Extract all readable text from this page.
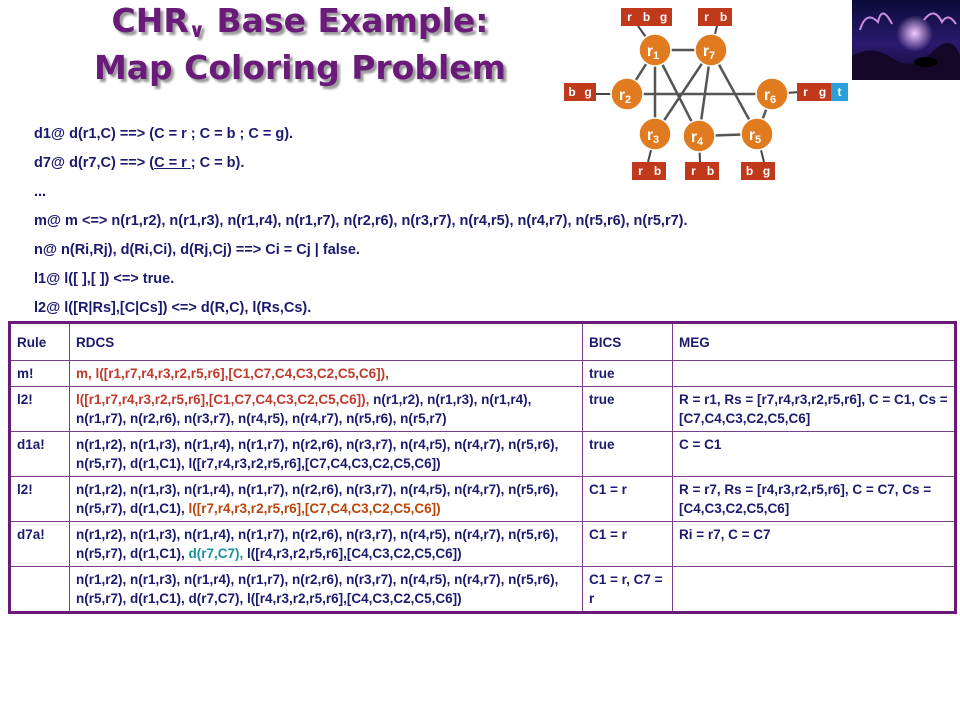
$CHR_\vee$ Base Example:
Map Coloring Problem
d1@ d(r1,C) ==> (C = r ; C = b ; C = g).
d7@ d(r7,C) ==> (C = r ; C = b).
...
m@ m <=> n(r1,r2), n(r1,r3), n(r1,r4), n(r1,r7), n(r2,r6), n(r3,r7), n(r4,r5), n(r4,r7), n(r5,r6), n(r5,r7).
n@ n(Ri,Rj), d(Ri,Ci), d(Rj,Cj) ==> Ci = Cj | false.
l1@ l([ ],[ ]) <=> true.
l2@ l([R|Rs],[C|Cs]) <=> d(R,C), l(Rs,Cs).
r b g	r b
b g	r g t
r b r b	b g
r1	r7
r2	r6
r3 r4	r5
Rule	RDCS	BICS	MEG
m!	m, l([r1,r7,r4,r3,r2,r5,r6],[C1,C7,C4,C3,C2,C5,C6]),	true	
l2!	l([r1,r7,r4,r3,r2,r5,r6],[C1,C7,C4,C3,C2,C5,C6]), n(r1,r2), n(r1,r3), n(r1,r4), n(r1,r7), n(r2,r6), n(r3,r7), n(r4,r5), n(r4,r7), n(r5,r6), n(r5,r7)	true	R = r1, Rs = [r7,r4,r3,r2,r5,r6], C = C1, Cs = [C7,C4,C3,C2,C5,C6]
d1a!	n(r1,r2), n(r1,r3), n(r1,r4), n(r1,r7), n(r2,r6), n(r3,r7), n(r4,r5), n(r4,r7), n(r5,r6), n(r5,r7), d(r1,C1), l([r7,r4,r3,r2,r5,r6],[C7,C4,C3,C2,C5,C6])	true	C = C1
l2!	n(r1,r2), n(r1,r3), n(r1,r4), n(r1,r7), n(r2,r6), n(r3,r7), n(r4,r5), n(r4,r7), n(r5,r6), n(r5,r7), d(r1,C1), l([r7,r4,r3,r2,r5,r6],[C7,C4,C3,C2,C5,C6])	C1 = r	R = r7, Rs = [r4,r3,r2,r5,r6], C = C7, Cs = [C4,C3,C2,C5,C6]
d7a!	n(r1,r2), n(r1,r3), n(r1,r4), n(r1,r7), n(r2,r6), n(r3,r7), n(r4,r5), n(r4,r7), n(r5,r6), n(r5,r7), d(r1,C1), d(r7,C7), l([r4,r3,r2,r5,r6],[C4,C3,C2,C5,C6])	C1 = r	Ri = r7, C = C7
	n(r1,r2), n(r1,r3), n(r1,r4), n(r1,r7), n(r2,r6), n(r3,r7), n(r4,r5), n(r4,r7), n(r5,r6), n(r5,r7), d(r1,C1), d(r7,C7), l([r4,r3,r2,r5,r6],[C4,C3,C2,C5,C6])	C1 = r, C7 = r	
